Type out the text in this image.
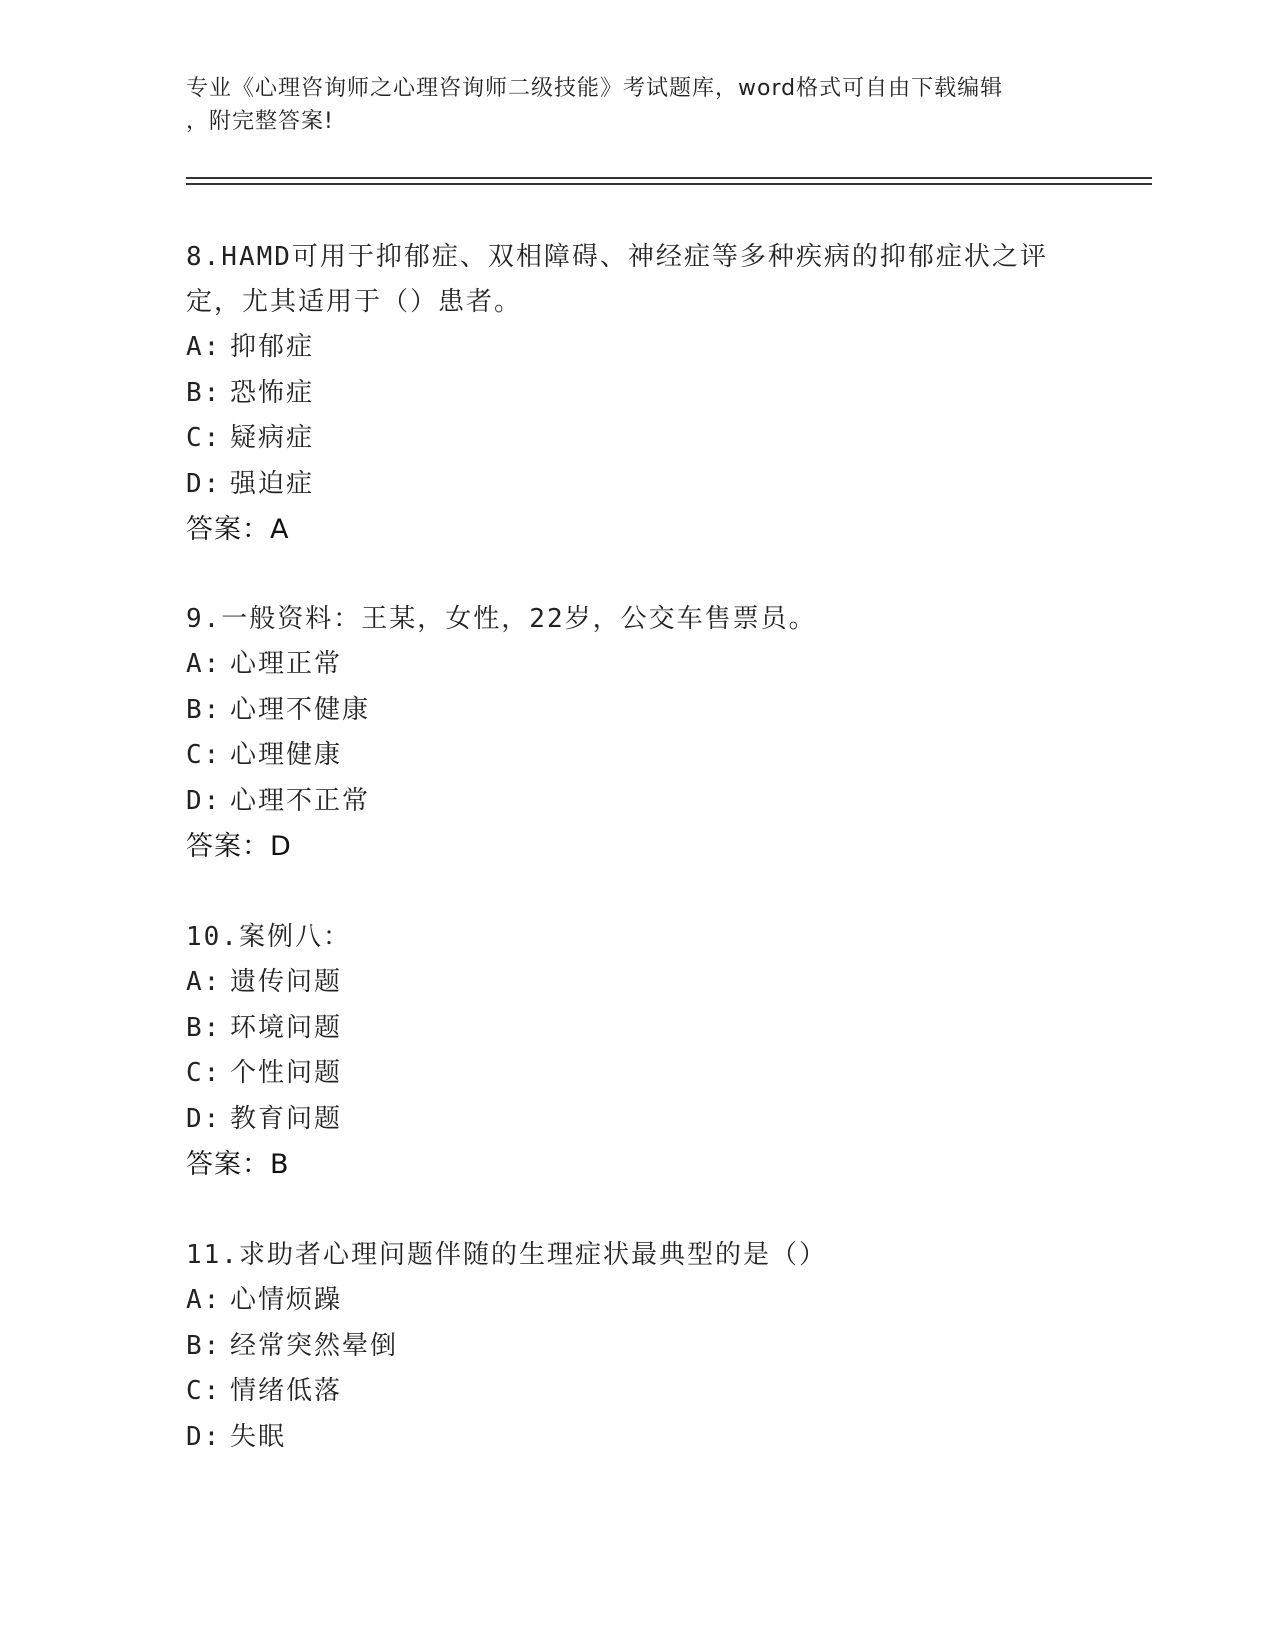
专业《心理咨询师之心理咨询师二级技能》考试题库，word格式可自由下载编辑
，附完整答案!

8.HAMD可用于抑郁症、双相障碍、神经症等多种疾病的抑郁症状之评

定，尤其适用于（）患者。

A: 抑郁症

B: 恐怖症

C: 疑病症

D: 强迫症

答案：A

9.一般资料：王某，女性，22岁，公交车售票员。

A: 心理正常

B: 心理不健康

C: 心理健康

D: 心理不正常

答案：D

10.案例八：

A: 遗传问题

B: 环境问题

C: 个性问题

D: 教育问题

答案：B

11.求助者心理问题伴随的生理症状最典型的是（）

A: 心情烦躁

B: 经常突然晕倒

C: 情绪低落

D: 失眠
